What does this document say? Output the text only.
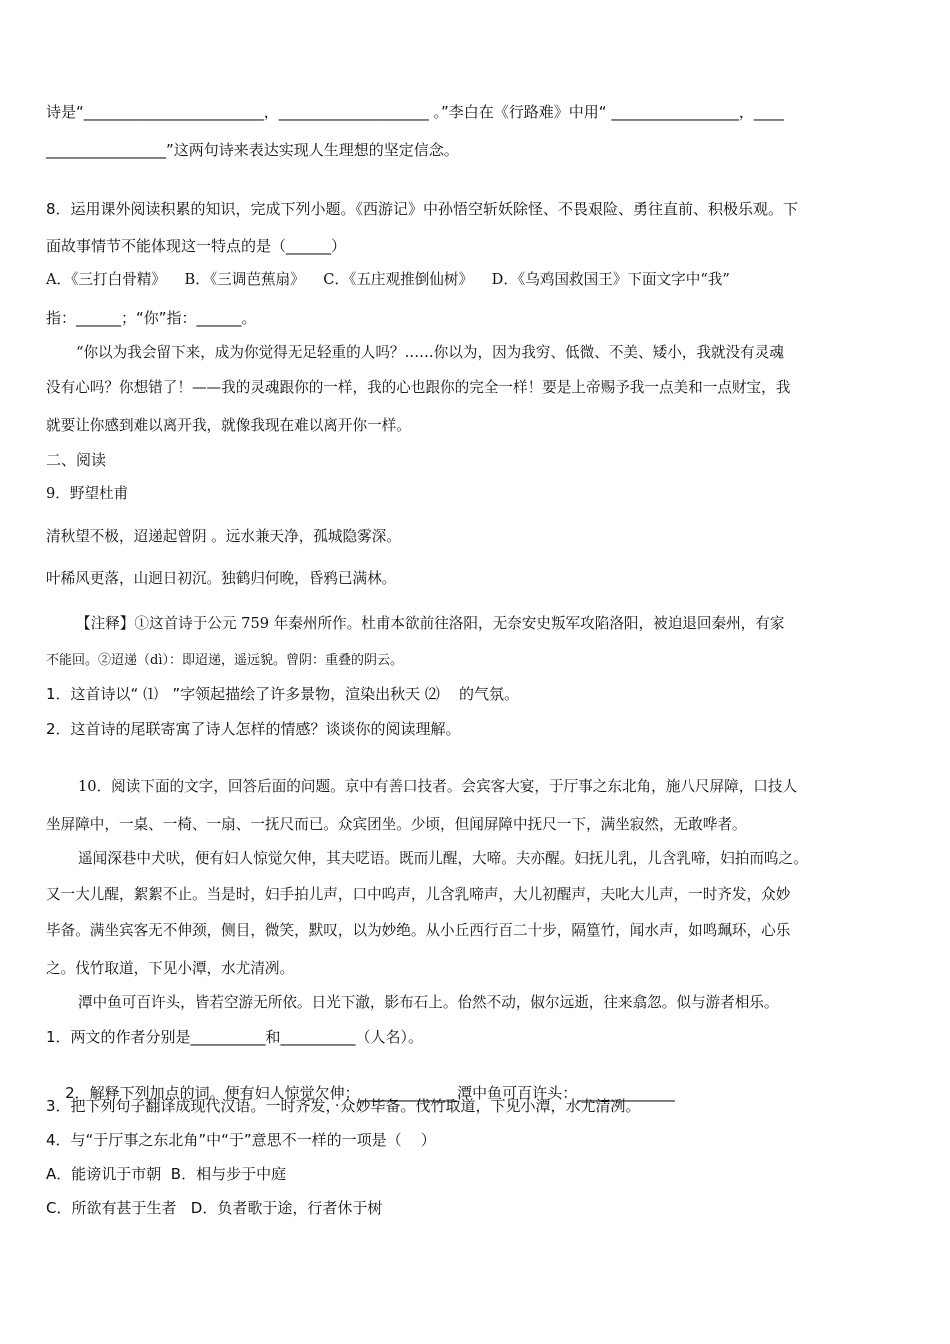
诗是“________________________，____________________ 。”李白在《行路难》中用“ _________________，____
________________”这两句诗来表达实现人生理想的坚定信念。
8．运用课外阅读积累的知识，完成下列小题。《西游记》中孙悟空斩妖除怪、不畏艰险、勇往直前、积极乐观。下
面故事情节不能体现这一特点的是（______）
A．《三打白骨精》    B．《三调芭蕉扇》    C．《五庄观推倒仙树》    D．《乌鸡国救国王》下面文字中“我”
指：______；“你”指：______。
“你以为我会留下来，成为你觉得无足轻重的人吗？……你以为，因为我穷、低微、不美、矮小，我就没有灵魂
没有心吗？你想错了！——我的灵魂跟你的一样，我的心也跟你的完全一样！要是上帝赐予我一点美和一点财宝，我
就要让你感到难以离开我，就像我现在难以离开你一样。
二、阅读
9．野望杜甫
清秋望不极，迢递起曾阴 。远水兼天净，孤城隐雾深。
叶稀风更落，山迥日初沉。独鹤归何晚，昏鸦已满林。
【注释】①这首诗于公元 759 年秦州所作。杜甫本欲前往洛阳，无奈安史叛军攻陷洛阳，被迫退回秦州，有家
不能回。②迢递（dì）：即迢递，遥远貌。曾阴：重叠的阴云。
1．这首诗以“ ⑴   ”字领起描绘了许多景物，渲染出秋天 ⑵    的气氛。
2．这首诗的尾联寄寓了诗人怎样的情感？谈谈你的阅读理解。
10．阅读下面的文字，回答后面的问题。京中有善口技者。会宾客大宴，于厅事之东北角，施八尺屏障，口技人
坐屏障中，一桌、一椅、一扇、一抚尺而已。众宾团坐。少顷，但闻屏障中抚尺一下，满坐寂然，无敢哗者。
遥闻深巷中犬吠，便有妇人惊觉欠伸，其夫呓语。既而儿醒，大啼。夫亦醒。妇抚儿乳，儿含乳啼，妇拍而呜之。
又一大儿醒，絮絮不止。当是时，妇手拍儿声，口中呜声，儿含乳啼声，大儿初醒声，夫叱大儿声，一时齐发，众妙
毕备。满坐宾客无不伸颈，侧目，微笑，默叹，以为妙绝。从小丘西行百二十步，隔篁竹，闻水声，如鸣珮环，心乐
之。伐竹取道，下见小潭，水尤清冽。
潭中鱼可百许头，皆若空游无所依。日光下澈，影布石上。佁然不动，俶尔远逝，往来翕忽。似与游者相乐。
1．两文的作者分别是__________和__________（人名）。

2．解释下列加点的词。便有妇人惊觉欠伸：_____________潭中鱼可百许头：_____________

3．把下列句子翻译成现代汉语。一时齐发，众妙毕备。伐竹取道，下见小潭，水尤清冽。
4．与“于厅事之东北角”中“于”意思不一样的一项是（    ）
A．能谤讥于市朝  B．相与步于中庭
C．所欲有甚于生者   D．负者歌于途，行者休于树
